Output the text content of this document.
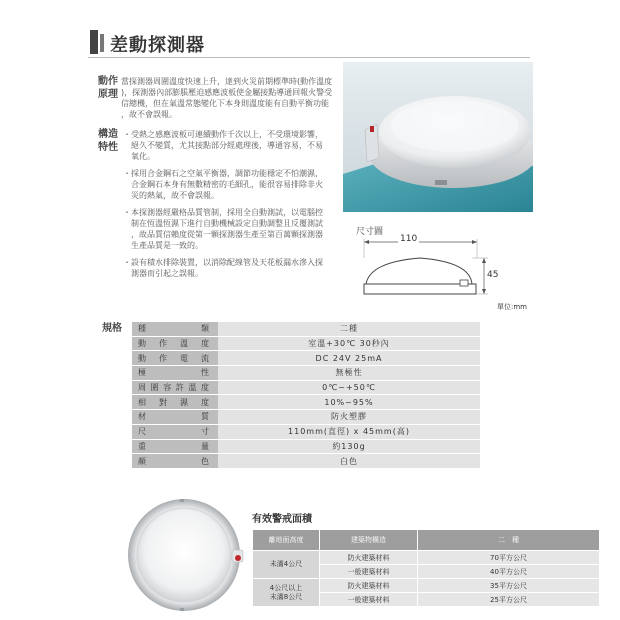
差動探測器
動作
原理
當探測器周圍溫度快速上升，達到火災前期標準時(動作溫度
)，探測器內部膨脹壓迫感應波板使金屬接點導通回報火警受
信總機，但在氣溫常態變化下本身則溫度能有自動平衡功能
，故不會誤報。
構造
特性
・受熱之感應波板可連續動作千次以上，不受環境影響，
絕久不變質，尤其接點部分經處理後，導通容易，不易
氧化。
・採用合金鋼石之空氣平衡器，調節功能穩定不怕潮濕，
合金鋼石本身有無數精密的毛細孔，能很容易排除非火
災的熱氣，故不會誤報。
・本探測器經嚴格品質管制，採用全自動測試，以電腦控
制在恆溫恆濕下進行自動機械設定自動調整且反覆測試
，故品質信賴度從第一顆探測器生產至第百萬顆探測器
生產品質是一致的。
・設有積水排除裝置，以消除配線管及天花板漏水滲入探
測器而引起之誤報。
尺寸圖
110
45
單位:mm
規格 種類	二種
動作溫度	室溫+30℃ 30秒內
動作電流	DC 24V 25mA
極性	無極性
周圍容許溫度	0℃~+50℃
相對濕度	10%~95%
材質	防火塑膠
尺寸	110mm(直徑) x 45mm(高)
重量	約130g
顏色	白色
有效警戒面積
離地面高度	建築物構造	二　種
未滿4公尺	防火建築材料	70平方公尺
	一般建築材料	40平方公尺
4公尺以上
未滿8公尺	防火建築材料	35平方公尺
	一般建築材料	25平方公尺
